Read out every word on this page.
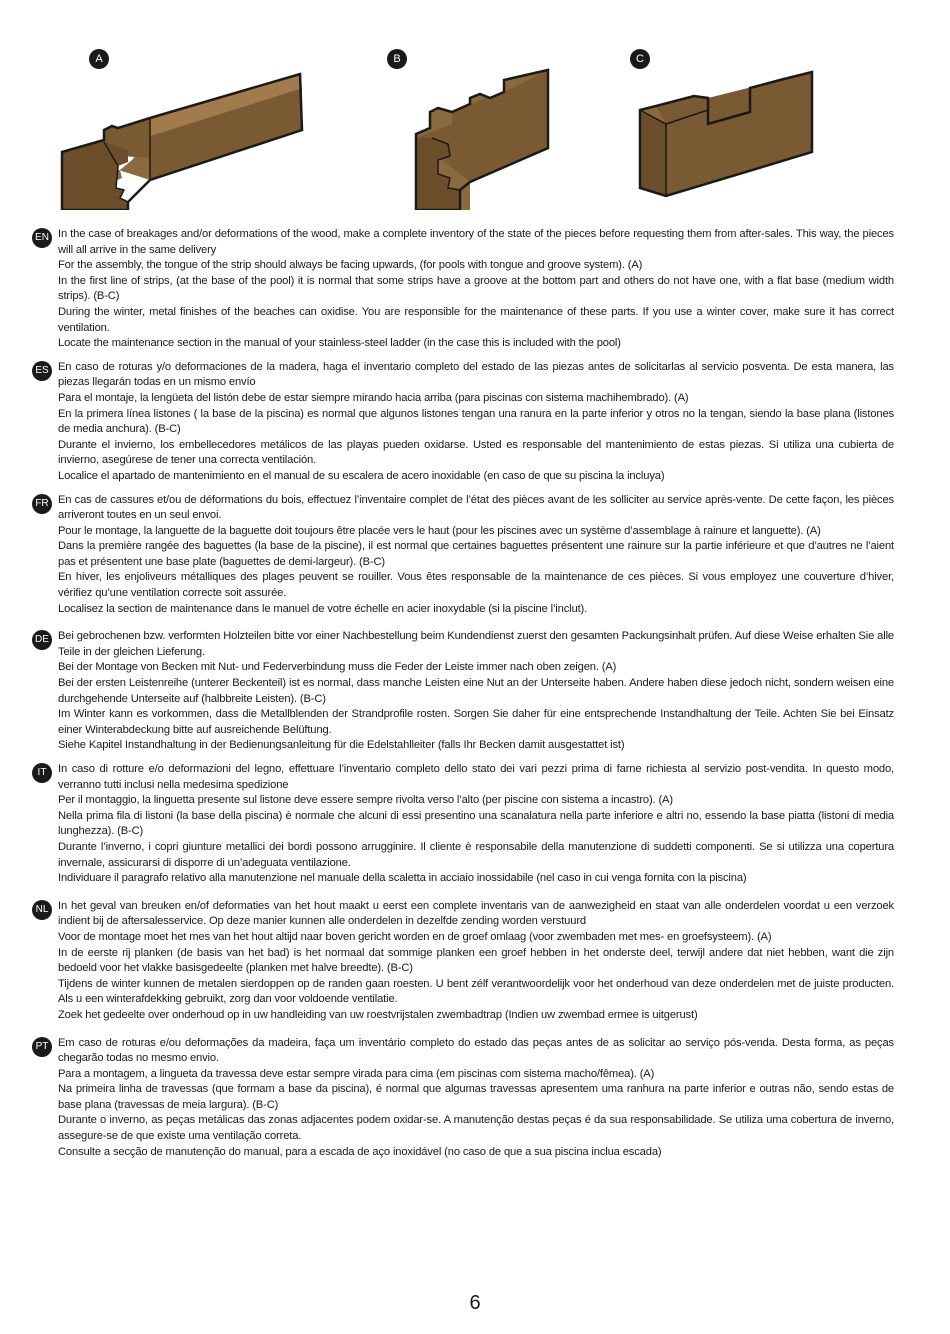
A	B	C
EN In the case of breakages and/or deformations of the wood, make a complete inventory of the state of the pieces before requesting them from after-sales. This way, the pieces will all arrive in the same delivery

For the assembly, the tongue of the strip should always be facing upwards, (for pools with tongue and groove system). (A)

In the first line of strips, (at the base of the pool) it is normal that some strips have a groove at the bottom part and others do not have one, with a flat base (medium width strips). (B-C)

During the winter, metal finishes of the beaches can oxidise. You are responsible for the maintenance of these parts. If you use a winter cover, make sure it has correct ventilation.

Locate the maintenance section in the manual of your stainless-steel ladder (in the case this is included with the pool)

ES En caso de roturas y/o deformaciones de la madera, haga el inventario completo del estado de las piezas antes de solicitarlas al servicio posventa. De esta manera, las piezas llegarán todas en un mismo envío

Para el montaje, la lengüeta del listón debe de estar siempre mirando hacia arriba (para piscinas con sistema machihembrado). (A)

En la primera línea listones ( la base de la piscina) es normal que algunos listones tengan una ranura en la parte inferior y otros no la tengan, siendo la base plana (listones de media anchura). (B-C)

Durante el invierno, los embellecedores metálicos de las playas pueden oxidarse. Usted es responsable del mantenimiento de estas piezas. Si utiliza una cubierta de invierno, asegúrese de tener una correcta ventilación.

Localice el apartado de mantenimiento en el manual de su escalera de acero inoxidable (en caso de que su piscina la incluya)

FR En cas de cassures et/ou de déformations du bois, effectuez l’inventaire complet de l’état des pièces avant de les solliciter au service après-vente. De cette façon, les pièces arriveront toutes en un seul envoi.

Pour le montage, la languette de la baguette doit toujours être placée vers le haut (pour les piscines avec un système d’assemblage à rainure et languette). (A)

Dans la première rangée des baguettes (la base de la piscine), il est normal que certaines baguettes présentent une rainure sur la partie inférieure et que d’autres ne l’aient pas et présentent une base plate (baguettes de demi-largeur). (B-C)

En hiver, les enjoliveurs métalliques des plages peuvent se rouiller. Vous êtes responsable de la maintenance de ces pièces. Si vous employez une couverture d’hiver, vérifiez qu’une ventilation correcte soit assurée.

Localisez la section de maintenance dans le manuel de votre échelle en acier inoxydable (si la piscine l’inclut).

DE Bei gebrochenen bzw. verformten Holzteilen bitte vor einer Nachbestellung beim Kundendienst zuerst den gesamten Packungsinhalt prüfen. Auf diese Weise erhalten Sie alle Teile in der gleichen Lieferung.

Bei der Montage von Becken mit Nut- und Federverbindung muss die Feder der Leiste immer nach oben zeigen. (A)

Bei der ersten Leistenreihe (unterer Beckenteil) ist es normal, dass manche Leisten eine Nut an der Unterseite haben. Andere haben diese jedoch nicht, sondern weisen eine durchgehende Unterseite auf (halbbreite Leisten). (B-C)

Im Winter kann es vorkommen, dass die Metallblenden der Strandprofile rosten. Sorgen Sie daher für eine entsprechende Instandhaltung der Teile. Achten Sie bei Einsatz einer Winterabdeckung bitte auf ausreichende Belüftung.

Siehe Kapitel Instandhaltung in der Bedienungsanleitung für die Edelstahlleiter (falls Ihr Becken damit ausgestattet ist)

IT	In caso di rotture e/o deformazioni del legno, effettuare l’inventario completo dello stato dei vari pezzi prima di farne richiesta al servizio post-vendita. In questo modo, verranno tutti inclusi nella medesima spedizione

Per il montaggio, la linguetta presente sul listone deve essere sempre rivolta verso l’alto (per piscine con sistema a incastro). (A)

Nella prima fila di listoni (la base della piscina) è normale che alcuni di essi presentino una scanalatura nella parte inferiore e altri no, essendo la base piatta (listoni di media lunghezza). (B-C)

Durante l’inverno, i copri giunture metallici dei bordi possono arrugginire. Il cliente è responsabile della manutenzione di suddetti componenti. Se si utilizza una copertura invernale, assicurarsi di disporre di un’adeguata ventilazione.

Individuare il paragrafo relativo alla manutenzione nel manuale della scaletta in acciaio inossidabile (nel caso in cui venga fornita con la piscina)

NL In het geval van breuken en/of deformaties van het hout maakt u eerst een complete inventaris van de aanwezigheid en staat van alle onderdelen voordat u een verzoek indient bij de aftersalesservice. Op deze manier kunnen alle onderdelen in dezelfde zending worden verstuurd

Voor de montage moet het mes van het hout altijd naar boven gericht worden en de groef omlaag (voor zwembaden met mes- en groefsysteem). (A)

In de eerste rij planken (de basis van het bad) is het normaal dat sommige planken een groef hebben in het onderste deel, terwijl andere dat niet hebben, want die zijn bedoeld voor het vlakke basisgedeelte (planken met halve breedte). (B-C)

Tijdens de winter kunnen de metalen sierdoppen op de randen gaan roesten. U bent zélf verantwoordelijk voor het onderhoud van deze onderdelen met de juiste producten. Als u een winterafdekking gebruikt, zorg dan voor voldoende ventilatie.

Zoek het gedeelte over onderhoud op in uw handleiding van uw roestvrijstalen zwembadtrap (Indien uw zwembad ermee is uitgerust)

PT Em caso de roturas e/ou deformações da madeira, faça um inventário completo do estado das peças antes de as solicitar ao serviço pós-venda. Desta forma, as peças chegarão todas no mesmo envio.

Para a montagem, a lingueta da travessa deve estar sempre virada para cima (em piscinas com sistema macho/fêmea). (A)

Na primeira linha de travessas (que formam a base da piscina), é normal que algumas travessas apresentem uma ranhura na parte inferior e outras não, sendo estas de base plana (travessas de meia largura). (B-C)

Durante o inverno, as peças metálicas das zonas adjacentes podem oxidar-se. A manutenção destas peças é da sua responsabilidade. Se utiliza uma cobertura de inverno, assegure-se de que existe uma ventilação correta.

Consulte a secção de manutenção do manual, para a escada de aço inoxidável (no caso de que a sua piscina inclua escada)

6
